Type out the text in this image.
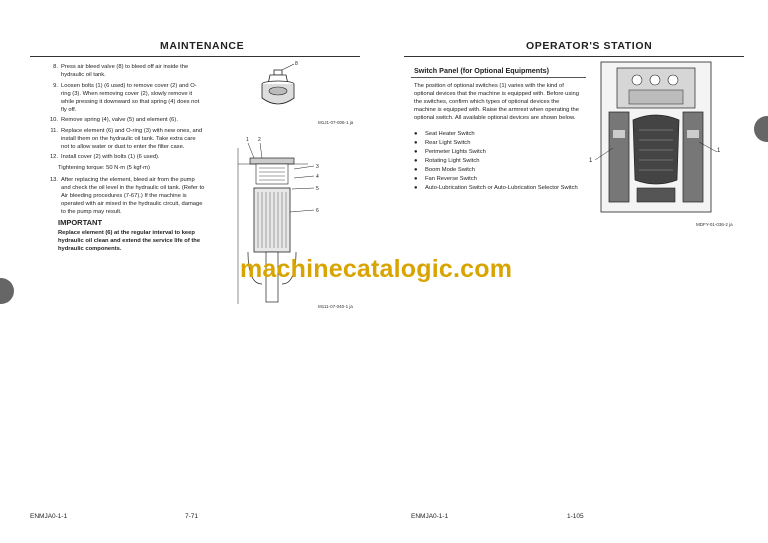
MAINTENANCE
8. Press air bleed valve (8) to bleed off air inside the hydraulic oil tank.
9. Loosen bolts (1) (6 used) to remove cover (2) and O-ring (3). When removing cover (2), slowly remove it while pressing it downward so that spring (4) does not fly off.
10. Remove spring (4), valve (5) and element (6).
11. Replace element (6) and O-ring (3) with new ones, and install them on the hydraulic oil tank. Take extra care not to allow water or dust to enter the filter case.
12. Install cover (2) with bolts (1) (6 used).
Tightening torque: 50 N·m (5 kgf·m)
13. After replacing the element, bleed air from the pump and check the oil level in the hydraulic oil tank. (Refer to Air bleeding procedures (7-67).) If the machine is operated with air mixed in the hydraulic circuit, damage to the pump may result.
IMPORTANT
Replace element (6) at the regular interval to keep hydraulic oil clean and extend the service life of the hydraulic components.
8
M1J1-07-006-1 ja
1 2
3
4
5
6
M111-07-040-1 ja
ENMJA0-1-1	7-71
OPERATOR'S STATION
Switch Panel (for Optional Equipments)
The position of optional switches (1) varies with the kind of optional devices that the machine is equipped with. Before using the switches, confirm which types of optional devices the machine is equipped with. Raise the armrest when operating the optional switch. All available optional devices are shown below.
●	Seat Heater Switch
●	Rear Light Switch
●	Perimeter Lights Switch
●	Rotating Light Switch
●	Boom Mode Switch
●	Fan Reverse Switch
●	Auto-Lubrication Switch or Auto-Lubrication Selector Switch
1
1
MDFY-01-036-2 ja
ENMJA0-1-1	1-105
machinecatalogic.com
